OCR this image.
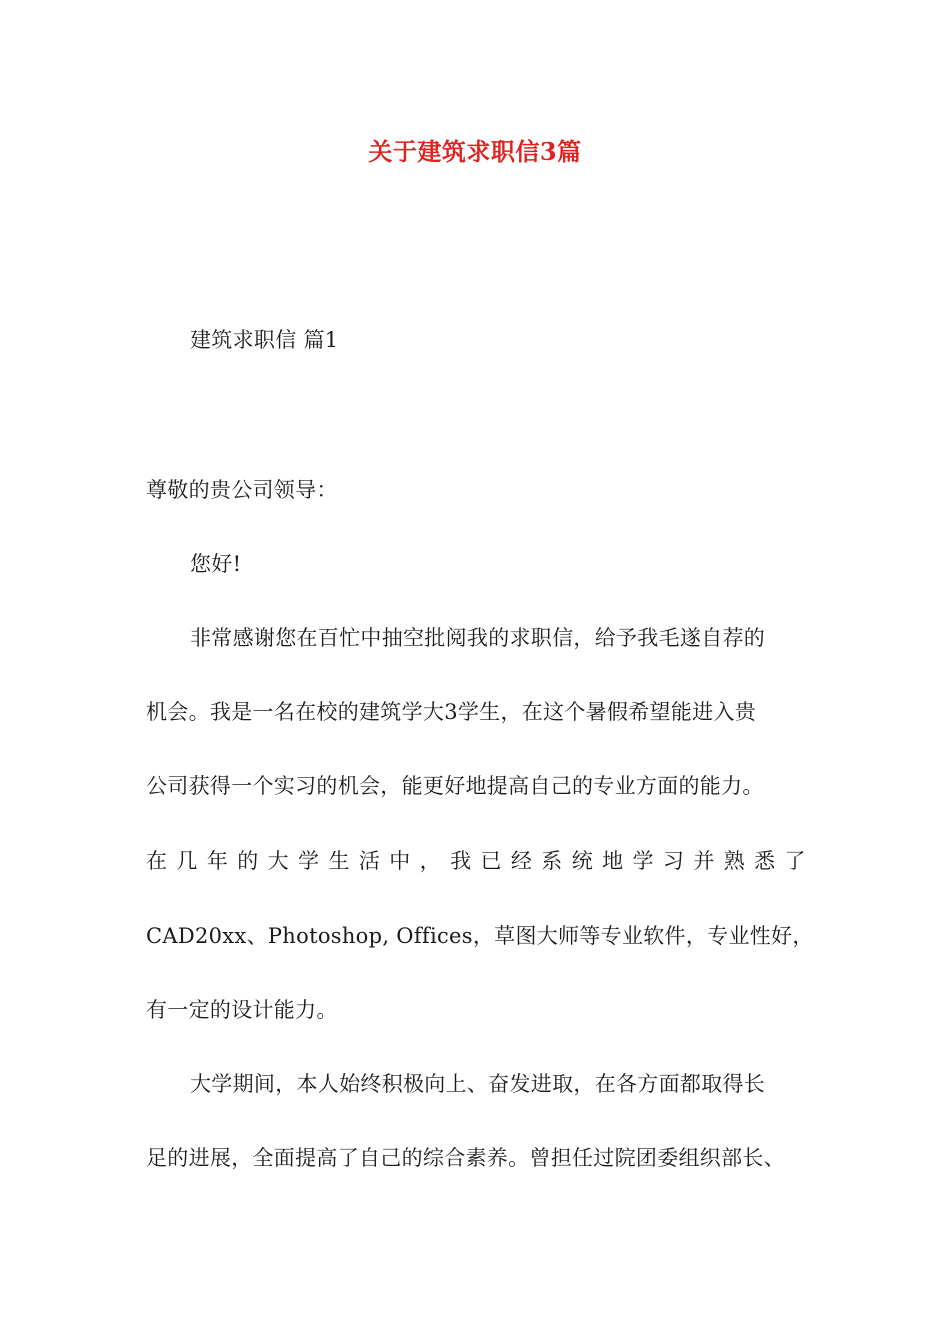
关于建筑求职信3篇
建筑求职信 篇1
尊敬的贵公司领导：
您好!
非常感谢您在百忙中抽空批阅我的求职信，给予我毛遂自荐的
机会。我是一名在校的建筑学大3学生，在这个暑假希望能进入贵
公司获得一个实习的机会，能更好地提高自己的专业方面的能力。
在 几 年 的 大 学 生 活 中 ， 我 已 经 系 统 地 学 习 并 熟 悉 了
CAD20xx、Photoshop, Offices，草图大师等专业软件，专业性好，
有一定的设计能力。
大学期间，本人始终积极向上、奋发进取，在各方面都取得长
足的进展，全面提高了自己的综合素养。曾担任过院团委组织部长、
